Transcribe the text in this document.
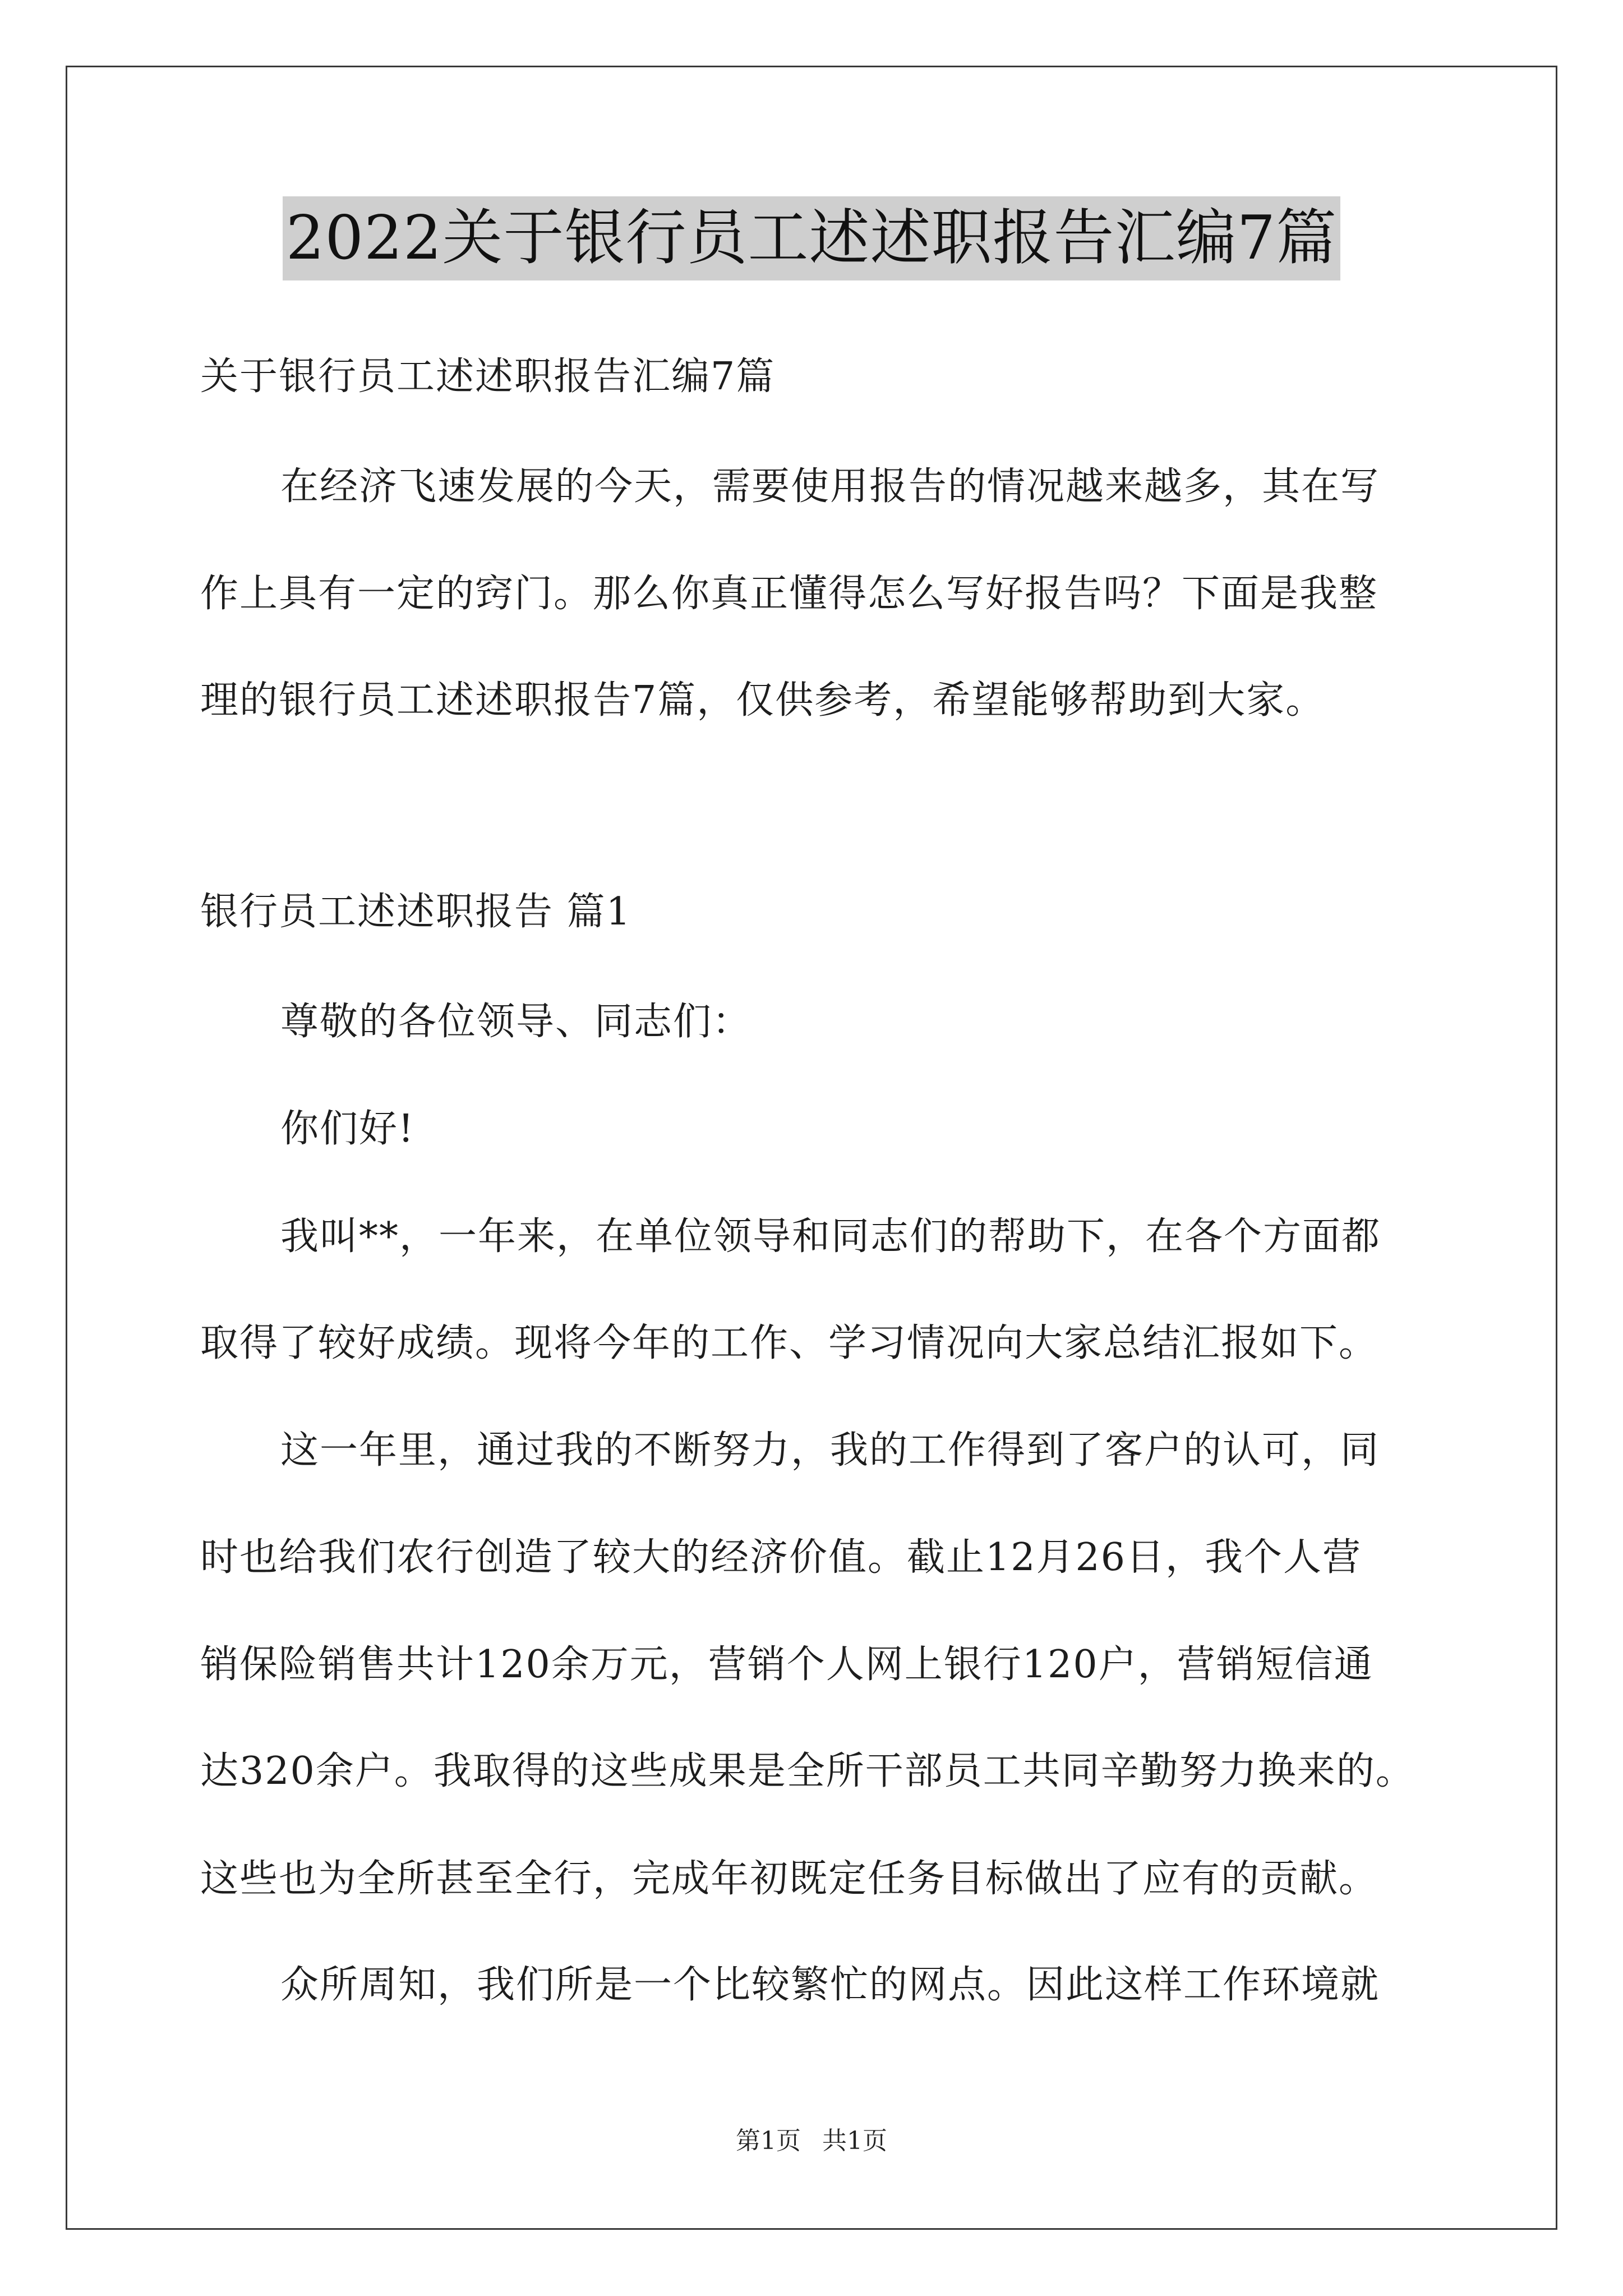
2022关于银行员工述述职报告汇编7篇
关于银行员工述述职报告汇编7篇
在经济飞速发展的今天，需要使用报告的情况越来越多，其在写
作上具有一定的窍门。那么你真正懂得怎么写好报告吗？下面是我整
理的银行员工述述职报告7篇，仅供参考，希望能够帮助到大家。
银行员工述述职报告 篇1
尊敬的各位领导、同志们：
你们好!
我叫**，一年来，在单位领导和同志们的帮助下，在各个方面都
取得了较好成绩。现将今年的工作、学习情况向大家总结汇报如下。
这一年里，通过我的不断努力，我的工作得到了客户的认可，同
时也给我们农行创造了较大的经济价值。截止12月26日，我个人营
销保险销售共计120余万元，营销个人网上银行120户，营销短信通
达320余户。我取得的这些成果是全所干部员工共同辛勤努力换来的。
这些也为全所甚至全行，完成年初既定任务目标做出了应有的贡献。
众所周知，我们所是一个比较繁忙的网点。因此这样工作环境就
第1页 共1页
